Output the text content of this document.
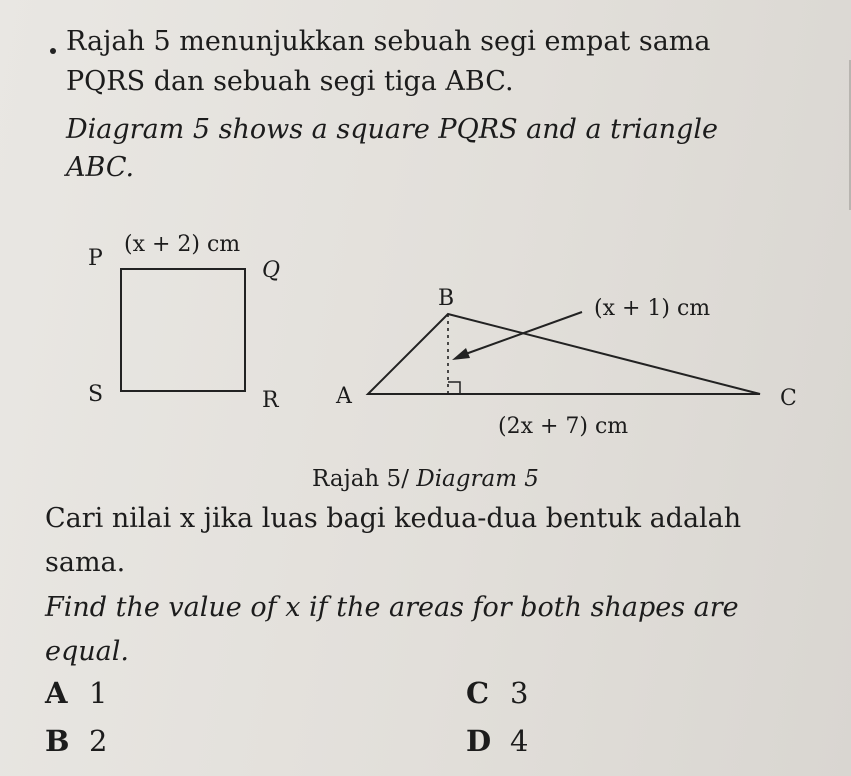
Rajah 5 menunjukkan sebuah segi empat sama

PQRS dan sebuah segi tiga ABC.

Diagram 5 shows a square PQRS and a triangle

ABC.

P	Q
R
S
(x + 2) cm
B
A	C
(x + 1) cm
(2x + 7) cm
Rajah 5/ Diagram 5

Cari nilai x jika luas bagi kedua-dua bentuk adalah

sama.

Find the value of x if the areas for both shapes are

equal.

A 1
B 2
C 3
D 4
